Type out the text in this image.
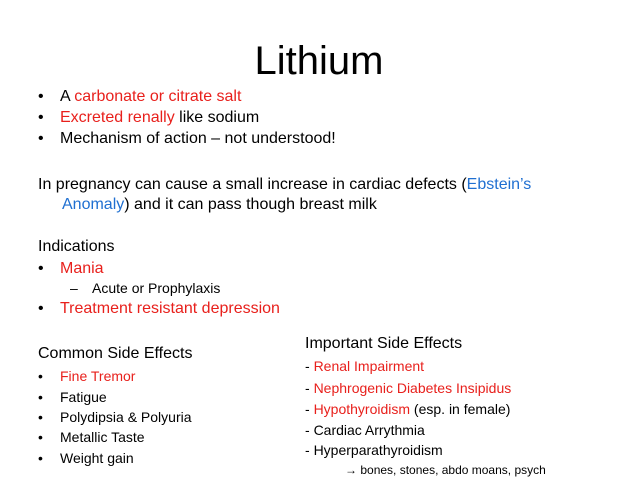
Lithium
• A carbonate or citrate salt
• Excreted renally like sodium
• Mechanism of action – not understood!
In pregnancy can cause a small increase in cardiac defects (Ebstein’s
Anomaly) and it can pass though breast milk
Indications
• Mania
– Acute or Prophylaxis
• Treatment resistant depression
Common Side Effects
• Fine Tremor
• Fatigue
• Polydipsia & Polyuria
• Metallic Taste
• Weight gain
Important Side Effects
- Renal Impairment
- Nephrogenic Diabetes Insipidus
- Hypothyroidism (esp. in female)
- Cardiac Arrythmia
- Hyperparathyroidism
→ bones, stones, abdo moans, psych
